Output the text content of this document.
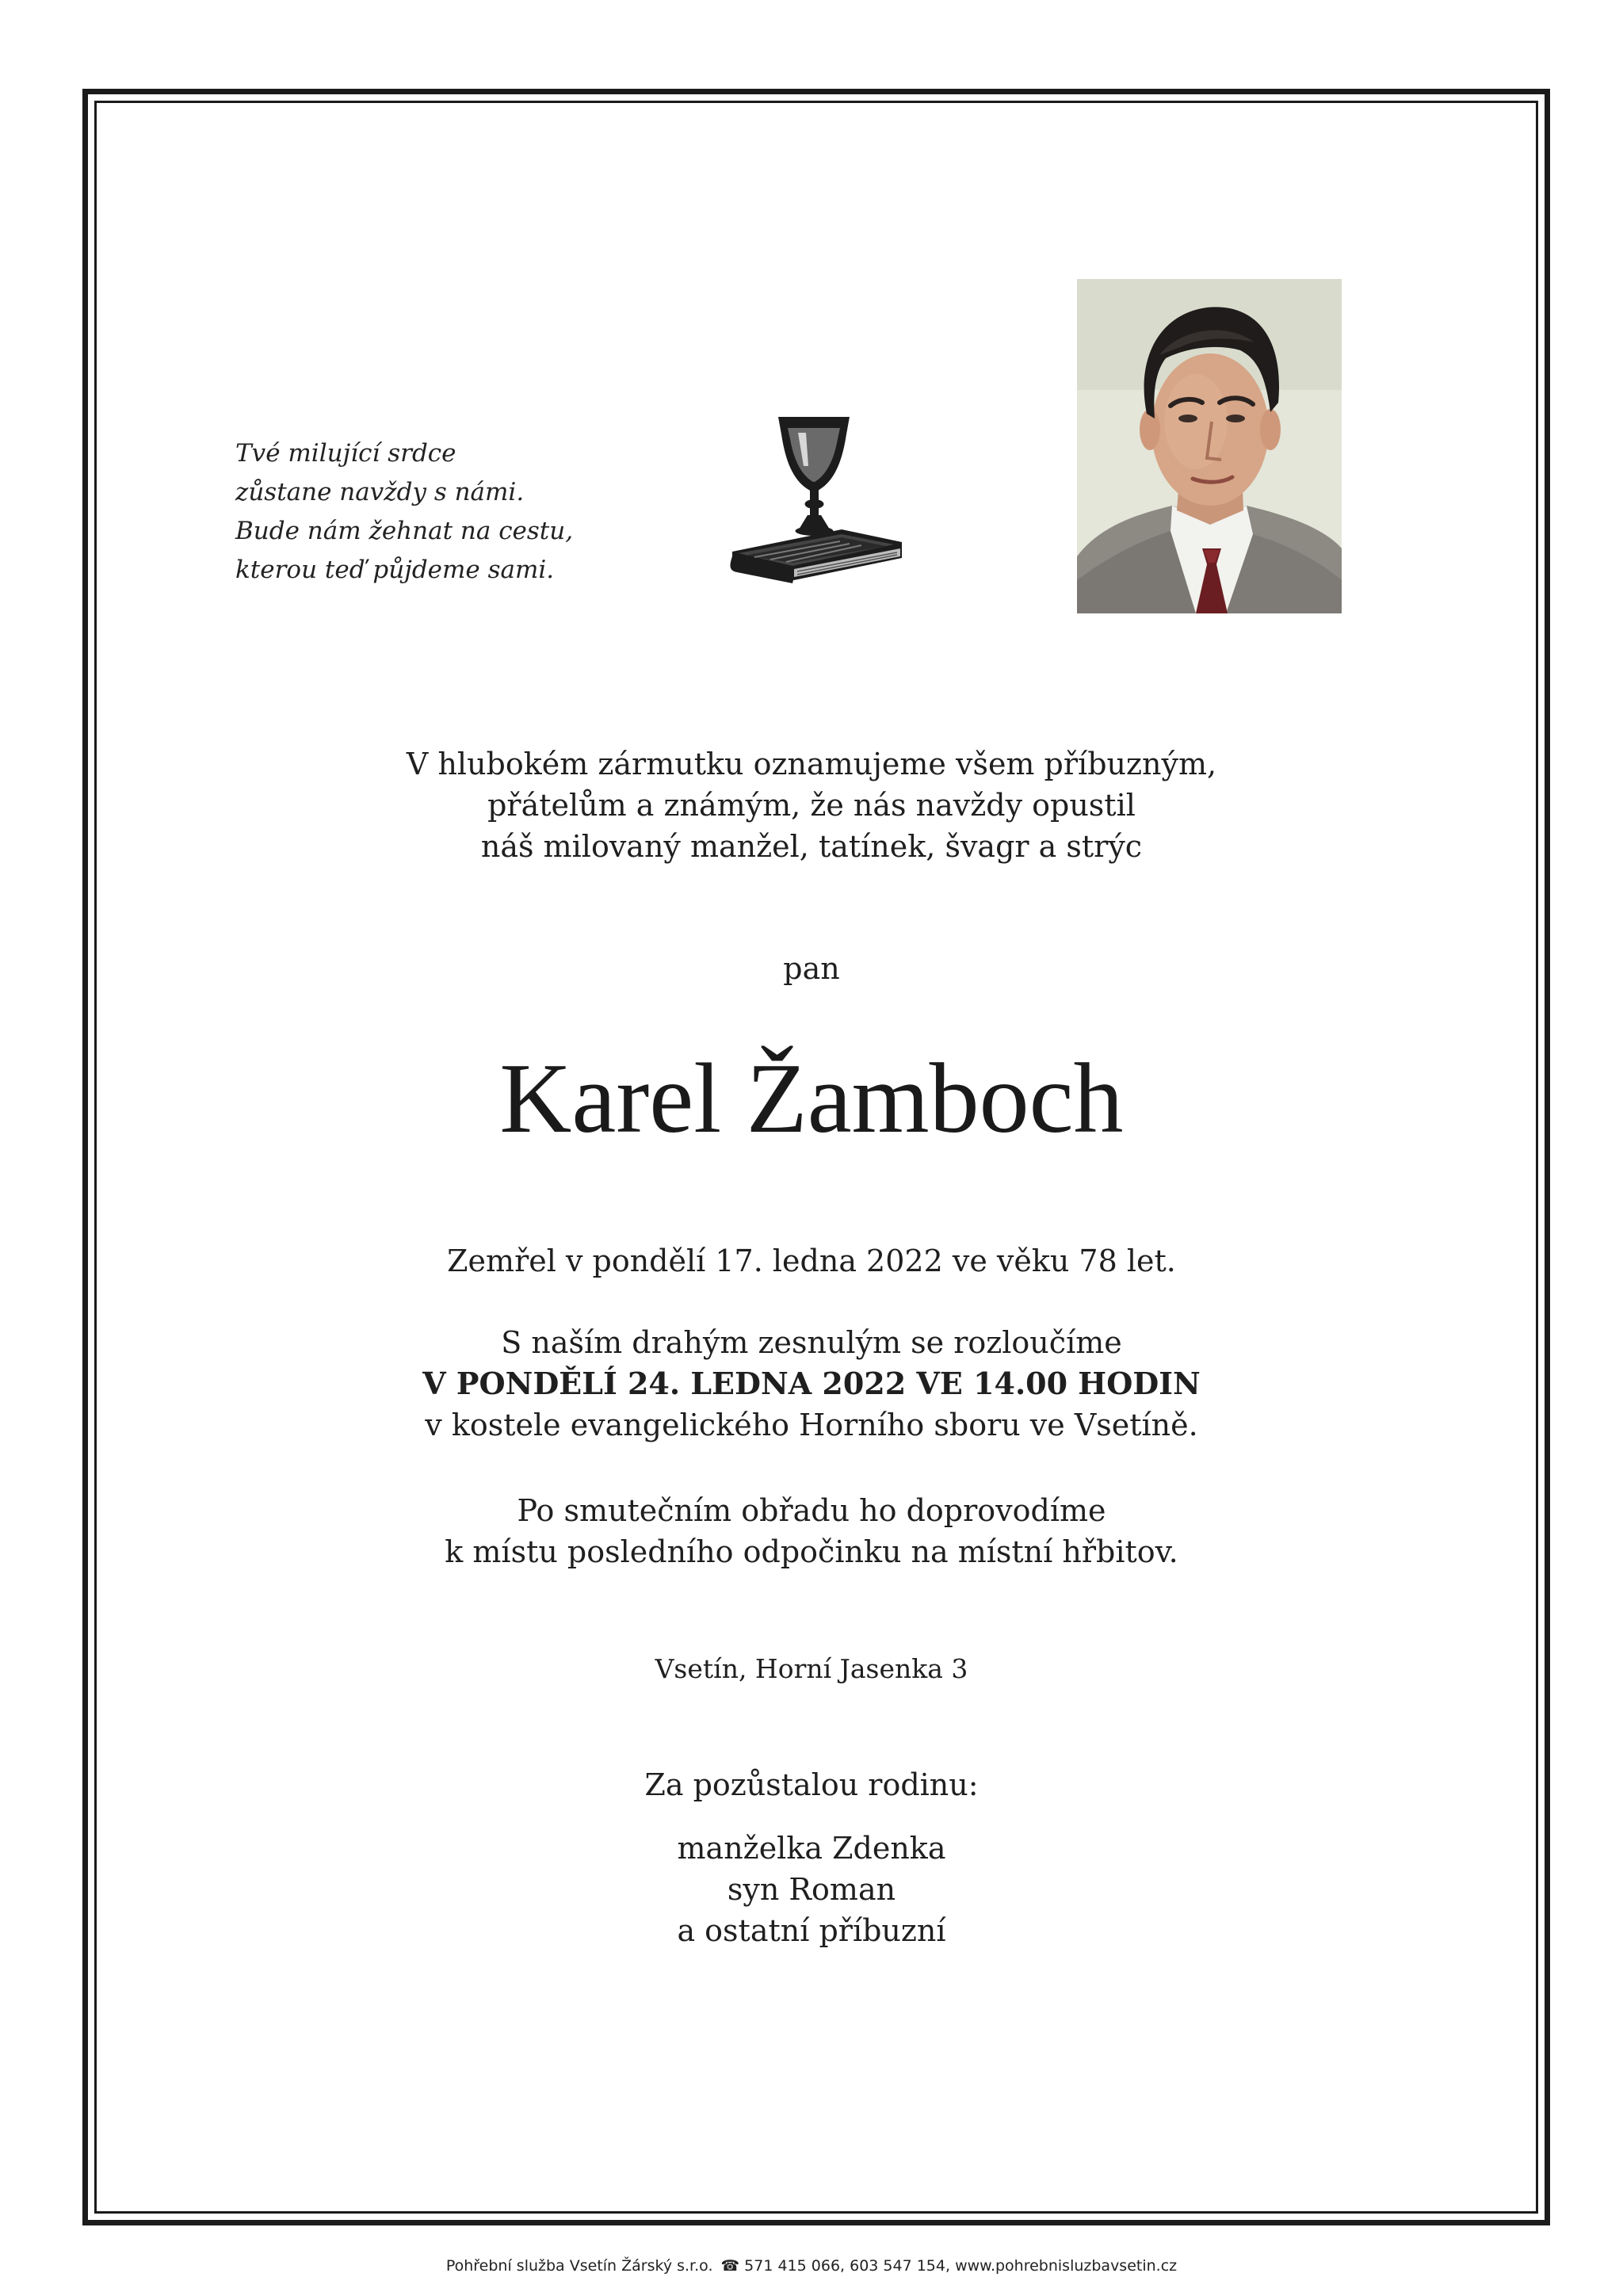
Tvé milující srdce
zůstane navždy s námi.
Bude nám žehnat na cestu,
kterou teď půjdeme sami.
V hlubokém zármutku oznamujeme všem příbuzným,
přátelům a známým, že nás navždy opustil
náš milovaný manžel, tatínek, švagr a strýc
pan
Karel Žamboch
Zemřel v pondělí 17. ledna 2022 ve věku 78 let.
S naším drahým zesnulým se rozloučíme
V PONDĚLÍ 24. LEDNA 2022 VE 14.00 HODIN
v kostele evangelického Horního sboru ve Vsetíně.
Po smutečním obřadu ho doprovodíme
k místu posledního odpočinku na místní hřbitov.
Vsetín, Horní Jasenka 3
Za pozůstalou rodinu:
manželka Zdenka
syn Roman
a ostatní příbuzní
Pohřební služba Vsetín Žárský s.r.o. ☎ 571 415 066, 603 547 154, www.pohrebnisluzbavsetin.cz
